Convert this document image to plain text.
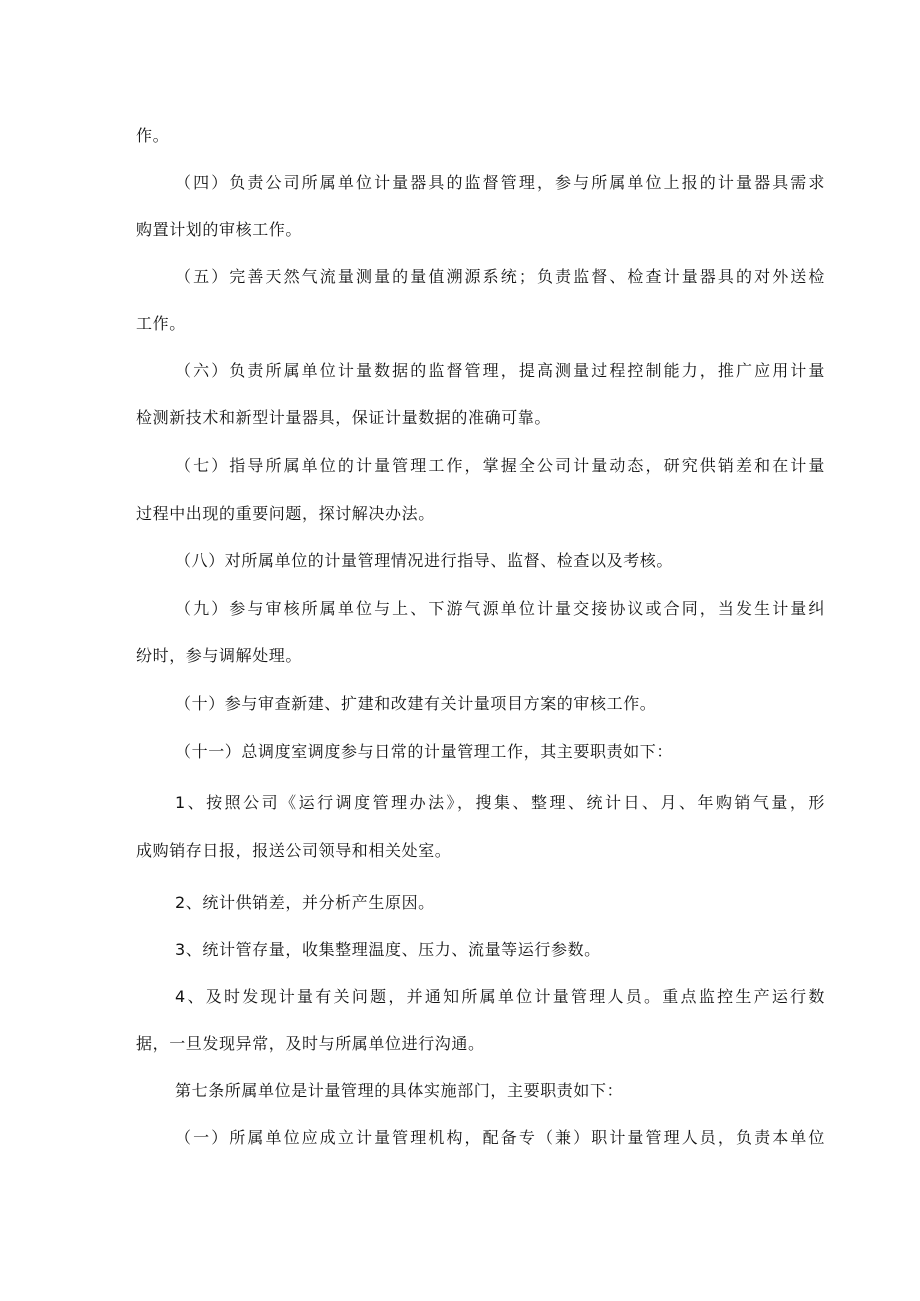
作。
（四）负责公司所属单位计量器具的监督管理，参与所属单位上报的计量器具需求
购置计划的审核工作。
（五）完善天然气流量测量的量值溯源系统；负责监督、检查计量器具的对外送检
工作。
（六）负责所属单位计量数据的监督管理，提高测量过程控制能力，推广应用计量
检测新技术和新型计量器具，保证计量数据的准确可靠。
（七）指导所属单位的计量管理工作，掌握全公司计量动态，研究供销差和在计量
过程中出现的重要问题，探讨解决办法。
（八）对所属单位的计量管理情况进行指导、监督、检查以及考核。
（九）参与审核所属单位与上、下游气源单位计量交接协议或合同，当发生计量纠
纷时，参与调解处理。
（十）参与审查新建、扩建和改建有关计量项目方案的审核工作。
（十一）总调度室调度参与日常的计量管理工作，其主要职责如下：
1、按照公司《运行调度管理办法》，搜集、整理、统计日、月、年购销气量，形
成购销存日报，报送公司领导和相关处室。
2、统计供销差，并分析产生原因。
3、统计管存量，收集整理温度、压力、流量等运行参数。
4、及时发现计量有关问题，并通知所属单位计量管理人员。重点监控生产运行数
据，一旦发现异常，及时与所属单位进行沟通。
第七条所属单位是计量管理的具体实施部门，主要职责如下：
（一）所属单位应成立计量管理机构，配备专（兼）职计量管理人员，负责本单位
